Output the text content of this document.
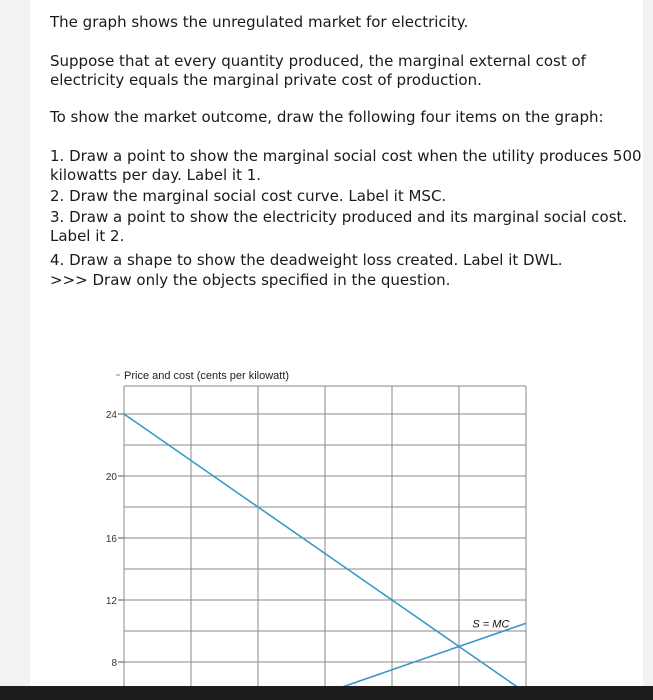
The graph shows the unregulated market for electricity.

Suppose that at every quantity produced, the marginal external cost of

electricity equals the marginal private cost of production.

To show the market outcome, draw the following four items on the graph:

1. Draw a point to show the marginal social cost when the utility produces 500

kilowatts per day. Label it 1.

2. Draw the marginal social cost curve. Label it MSC.

3. Draw a point to show the electricity produced and its marginal social cost.

Label it 2.

4. Draw a shape to show the deadweight loss created. Label it DWL.

>>> Draw only the objects specified in the question.

Price and cost (cents per kilowatt)
24
20
16
12
8
S = MC
